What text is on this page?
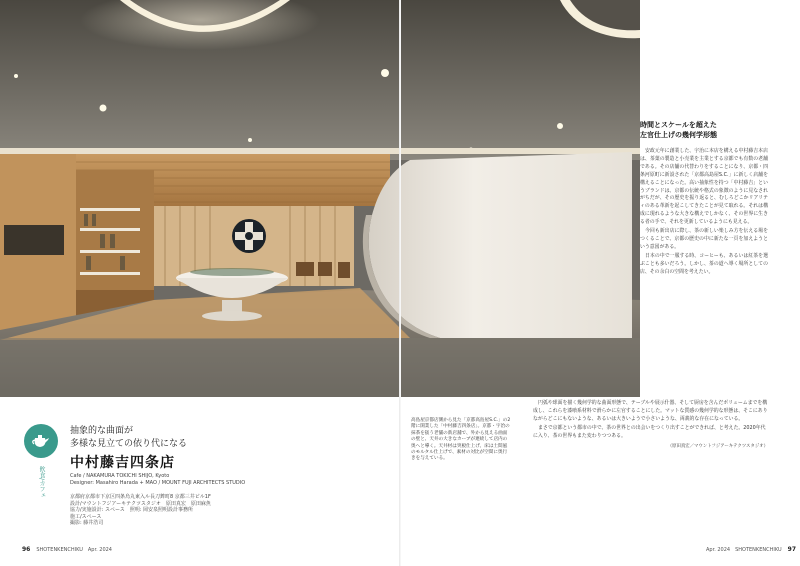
飲食/カフェ
抽象的な曲面が
多様な見立ての依り代になる
中村藤吉四条店
Cafe / NAKAMURA TOKICHI SHIJO, Kyoto
Designer: Masahiro Harada + MAO / MOUNT FUJI ARCHITECTS STUDIO
京都府京都市下京区四条烏丸東入ル長刀鉾町8 京都三井ビル1F
設計/マウントフジアーキテクツスタジオ　原田真宏　原田麻魚
協力/実施設計: スペース　照明: 岡安泉照明設計事務所
施工/スペース
撮影: 藤井浩司
高島屋京都店側から見た「京都高島屋S.C.」の2階に開業した「中村藤吉四条店」。京都・宇治の抹茶を扱う老舗の新店舗で、外から見える曲面の壁と、天井の大きなカーブが連続して店内の奥へと導く。天井材は突板仕上げ、床は土間風のモルタル仕上げで、素材の対比が空間に奥行きを与えている。
時間とスケールを超えた
左官仕上げの幾何学形態

安政元年に創業した、宇治に本店を構える中村藤吉本店は、茶葉の製造と小売業を主業とする京都でも有数の老舗である。その店舗の代替わりをすることになり、京都・四条河原町に新設された「京都高島屋S.C.」に新しく店舗を構えることになった。高い抽象性を持つ「中村藤吉」というブランドは、京都の伝統や格式の象徴のように見なされがちだが、その歴史を振り返ると、むしろどこかリアリティのある革新を起こしてきたことが見て取れる。それは構成に現れるような大きな構えでしかなく、その世界に生きる者の手で、それを更新しているようにも見える。

今回も新出店に際し、茶の新しい楽しみ方を伝える場をつくることで、京都の歴史の中に新たな一頁を加えようという意図がある。

日本の中で一服する時、コーヒーも、あるいは紅茶を選ぶことも多いだろう。しかし、茶の道へ導く場所としての店、その余白の空間を考えたい。

円弧や球面を描く幾何学的な曲面形態で、テーブルや展示什器、そして厨房を含んだボリュームまでを構成し、これらを漆喰系材料で滑らかに左官することにした。マットな質感の幾何学的な形態は、そこにありながらどこにもないような、あるいは大きいようで小さいような、両義的な存在になっている。

まさで京都という都市の中で、茶の世界との出会いをつくり出すことができれば、と考えた。2020年代に入り、茶の世界もまた変わりつつある。

（原田真宏／マウントフジアーキテクツスタジオ）
96 SHOTENKENCHIKU　Apr. 2024	Apr. 2024　SHOTENKENCHIKU 97
